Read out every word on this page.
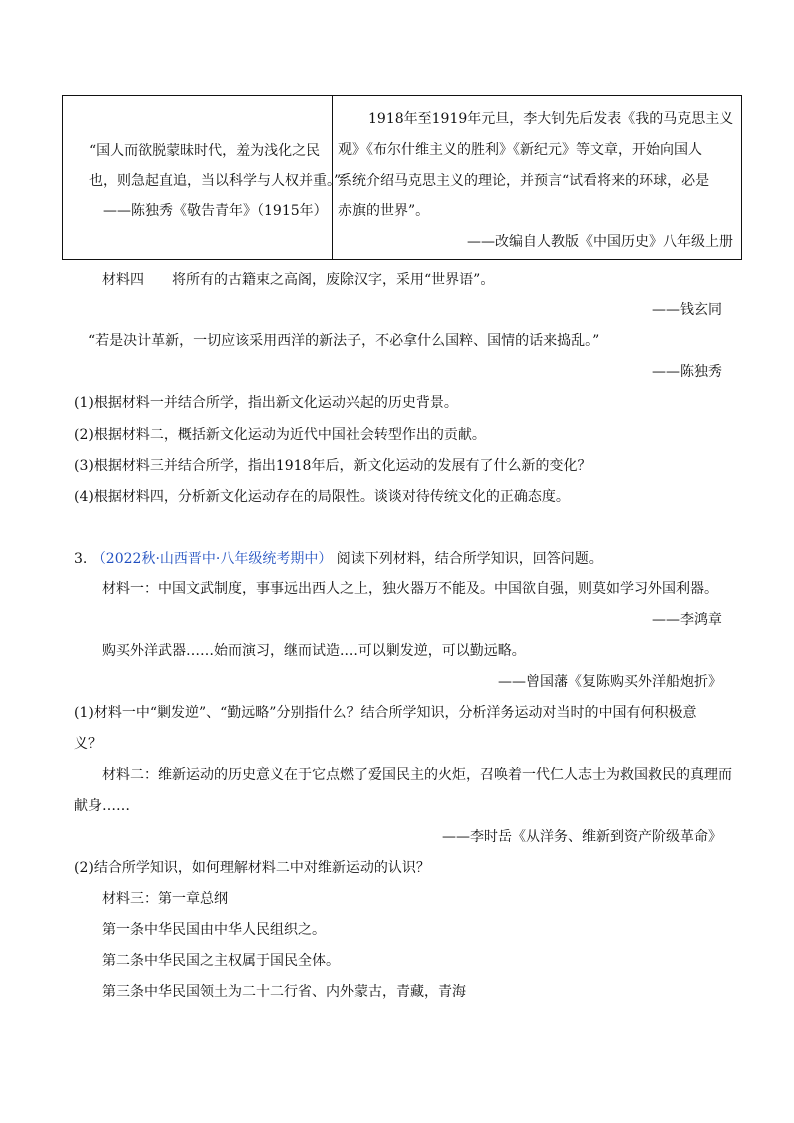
“国人而欲脱蒙昧时代，羞为浅化之民
也，则急起直追，当以科学与人权并重。”
——陈独秀《敬告青年》（1915年）
1918年至1919年元旦，李大钊先后发表《我的马克思主义
观》《布尔什维主义的胜利》《新纪元》等文章，开始向国人
系统介绍马克思主义的理论，并预言“试看将来的环球，必是
赤旗的世界”。
——改编自人教版《中国历史》八年级上册
材料四　　将所有的古籍束之高阁，废除汉字，采用“世界语”。
——钱玄同
“若是决计革新，一切应该采用西洋的新法子，不必拿什么国粹、国情的话来捣乱。”
——陈独秀
(1)根据材料一并结合所学，指出新文化运动兴起的历史背景。
(2)根据材料二，概括新文化运动为近代中国社会转型作出的贡献。
(3)根据材料三并结合所学，指出1918年后，新文化运动的发展有了什么新的变化？
(4)根据材料四，分析新文化运动存在的局限性。谈谈对待传统文化的正确态度。
3. （2022秋·山西晋中·八年级统考期中） 阅读下列材料，结合所学知识，回答问题。
材料一：中国文武制度，事事远出西人之上，独火器万不能及。中国欲自强，则莫如学习外国利器。
——李鸿章
购买外洋武器……始而演习，继而试造....可以剿发逆，可以勤远略。
——曾国藩《复陈购买外洋船炮折》
(1)材料一中“剿发逆”、“勤远略”分别指什么？结合所学知识，分析洋务运动对当时的中国有何积极意
义？
材料二：维新运动的历史意义在于它点燃了爱国民主的火炬，召唤着一代仁人志士为救国救民的真理而
献身……
——李时岳《从洋务、维新到资产阶级革命》
(2)结合所学知识，如何理解材料二中对维新运动的认识？
材料三：第一章总纲
第一条中华民国由中华人民组织之。
第二条中华民国之主权属于国民全体。
第三条中华民国领土为二十二行省、内外蒙古，青藏，青海
